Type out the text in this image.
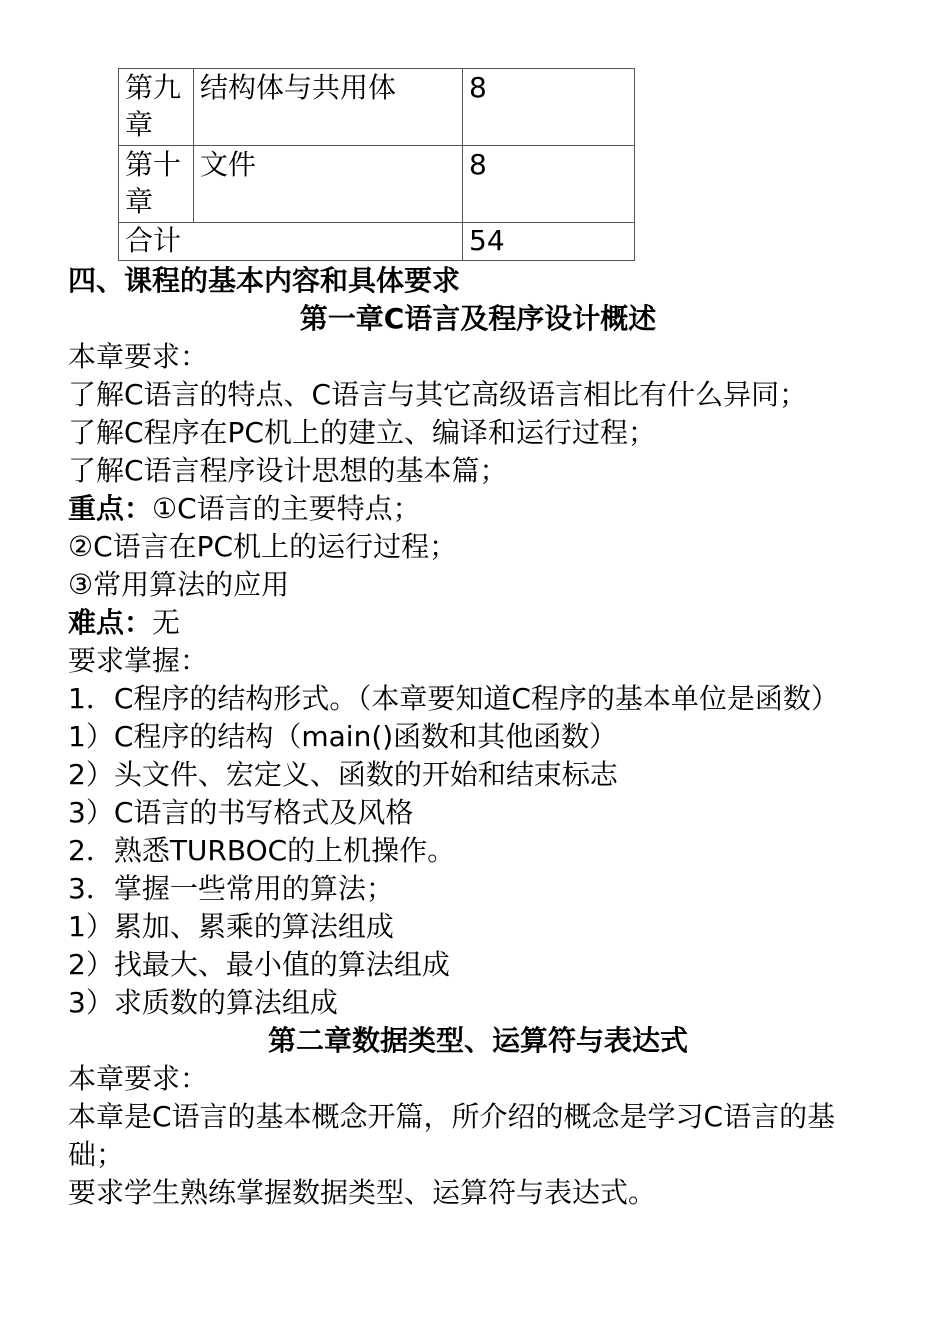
第九章	结构体与共用体	8
第十章	文件	8
合计		54

四、课程的基本内容和具体要求

第一章C语言及程序设计概述

本章要求：

了解C语言的特点、C语言与其它高级语言相比有什么异同；

了解C程序在PC机上的建立、编译和运行过程；

了解C语言程序设计思想的基本篇；

重点：①C语言的主要特点；

②C语言在PC机上的运行过程；

③常用算法的应用

难点：无

要求掌握：

1．C程序的结构形式。（本章要知道C程序的基本单位是函数）

1）C程序的结构（main()函数和其他函数）

2）头文件、宏定义、函数的开始和结束标志

3）C语言的书写格式及风格

2．熟悉TURBOC的上机操作。

3．掌握一些常用的算法；

1）累加、累乘的算法组成

2）找最大、最小值的算法组成

3）求质数的算法组成

第二章数据类型、运算符与表达式

本章要求：

本章是C语言的基本概念开篇，所介绍的概念是学习C语言的基础；

要求学生熟练掌握数据类型、运算符与表达式。
